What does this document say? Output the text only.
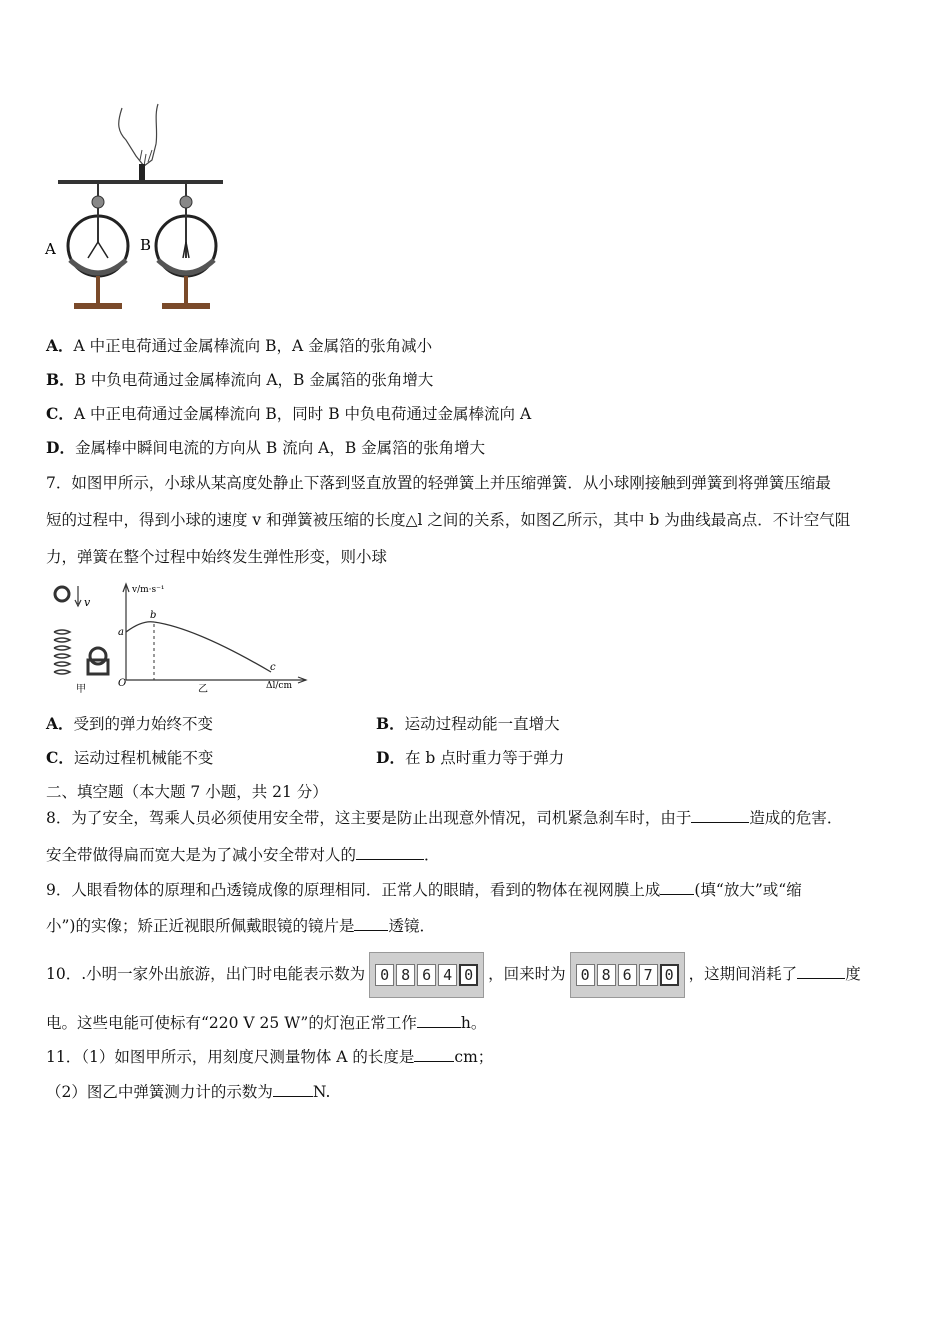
A	B
A．A 中正电荷通过金属棒流向 B，A 金属箔的张角减小
B．B 中负电荷通过金属棒流向 A，B 金属箔的张角增大
C．A 中正电荷通过金属棒流向 B，同时 B 中负电荷通过金属棒流向 A
D．金属棒中瞬间电流的方向从 B 流向 A，B 金属箔的张角增大
7．如图甲所示，小球从某高度处静止下落到竖直放置的轻弹簧上并压缩弹簧．从小球刚接触到弹簧到将弹簧压缩最
短的过程中，得到小球的速度 v 和弹簧被压缩的长度△l 之间的关系，如图乙所示，其中 b 为曲线最高点．不计空气阻
力，弹簧在整个过程中始终发生弹性形变，则小球
v
甲
v/m·s⁻¹
Δl/cm
O
a
b
c
乙
A．受到的弹力始终不变	B．运动过程动能一直增大
C．运动过程机械能不变	D．在 b 点时重力等于弹力
二、填空题（本大题 7 小题，共 21 分）
8．为了安全，驾乘人员必须使用安全带，这主要是防止出现意外情况，司机紧急刹车时，由于	造成的危害．
安全带做得扁而宽大是为了减小安全带对人的	．
9．人眼看物体的原理和凸透镜成像的原理相同．正常人的眼睛，看到的物体在视网膜上成 (填“放大”或“缩
小”)的实像；矫正近视眼所佩戴眼镜的镜片是 透镜．
10．.小明一家外出旅游，出门时电能表示数为 0 8 6 4 0 ，回来时为 0 8 6 7 0 ，这期间消耗了	度
电。这些电能可使标有“220 V 25 W”的灯泡正常工作	h。
11．（1）如图甲所示，用刻度尺测量物体 A 的长度是	cm；
（2）图乙中弹簧测力计的示数为	N.
